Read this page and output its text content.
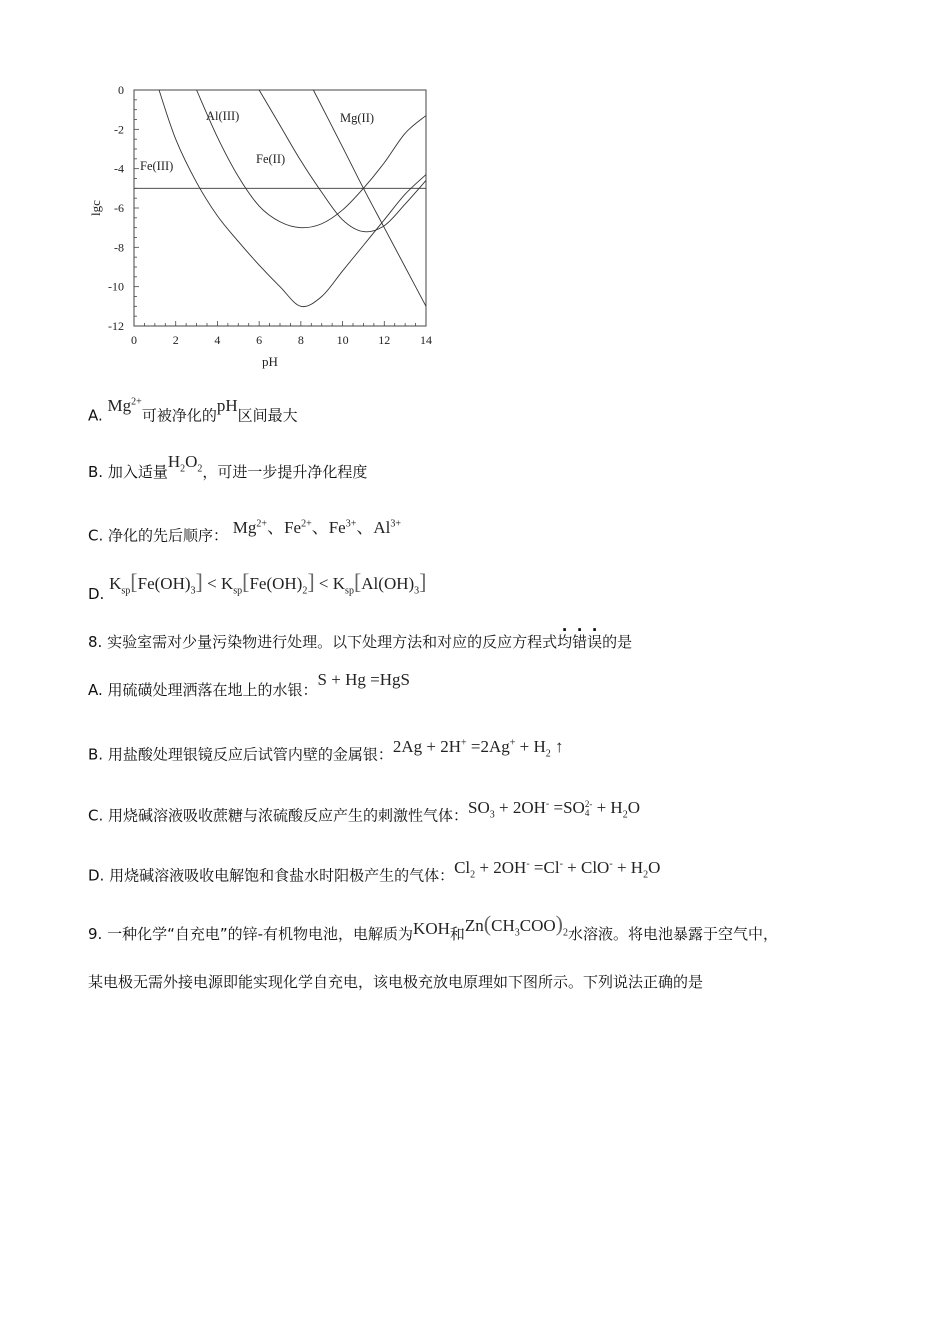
0	2	4	6	8	10 12 14
0
-2
-4
-6
-8
-10
-12
lgc
pH
Al(III)	Mg(II)
Fe(III)	Fe(II)
A. $Mg^{2+}$可被净化的pH区间最大
B. 加入适量$H_2O_2$，可进一步提升净化程度
C. 净化的先后顺序： $Mg^{2+}$、$Fe^{2+}$、$Fe^{3+}$、$Al^{3+}$
D. $K_{sp}[Fe(OH)_3] < K_{sp}[Fe(OH)_2] < K_{sp}[Al(OH)_3]$
8. 实验室需对少量污染物进行处理。以下处理方法和对应的反应方程式均错误的是
A. 用硫磺处理洒落在地上的水银：S + Hg =HgS
B. 用盐酸处理银镜反应后试管内壁的金属银：$2Ag + 2H^+ =2Ag^+ + H_2$ ↑
C. 用烧碱溶液吸收蔗糖与浓硫酸反应产生的刺激性气体：$SO_3 + 2OH^- =SO$ 2-
$4 + H_2O$
D. 用烧碱溶液吸收电解饱和食盐水时阳极产生的气体：$Cl_2 + 2OH^- =Cl^- + ClO^- + H_2O$
9. 一种化学“自充电”的锌-有机物电池，电解质为KOH和$Zn(CH_3COO)_2$水溶液。将电池暴露于空气中，
某电极无需外接电源即能实现化学自充电，该电极充放电原理如下图所示。下列说法正确的是
